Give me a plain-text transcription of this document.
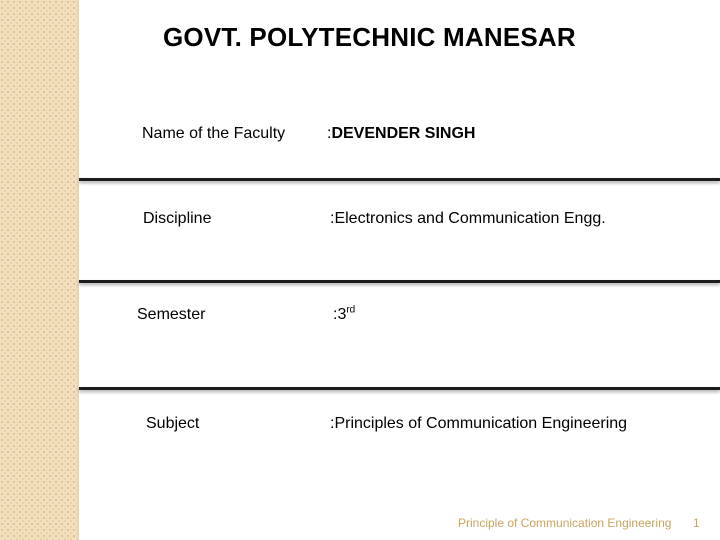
GOVT. POLYTECHNIC MANESAR
Name of the Faculty	:DEVENDER SINGH
Discipline	:Electronics and Communication Engg.
Semester	:3rd
Subject	:Principles of Communication Engineering
Principle of Communication Engineering 1
